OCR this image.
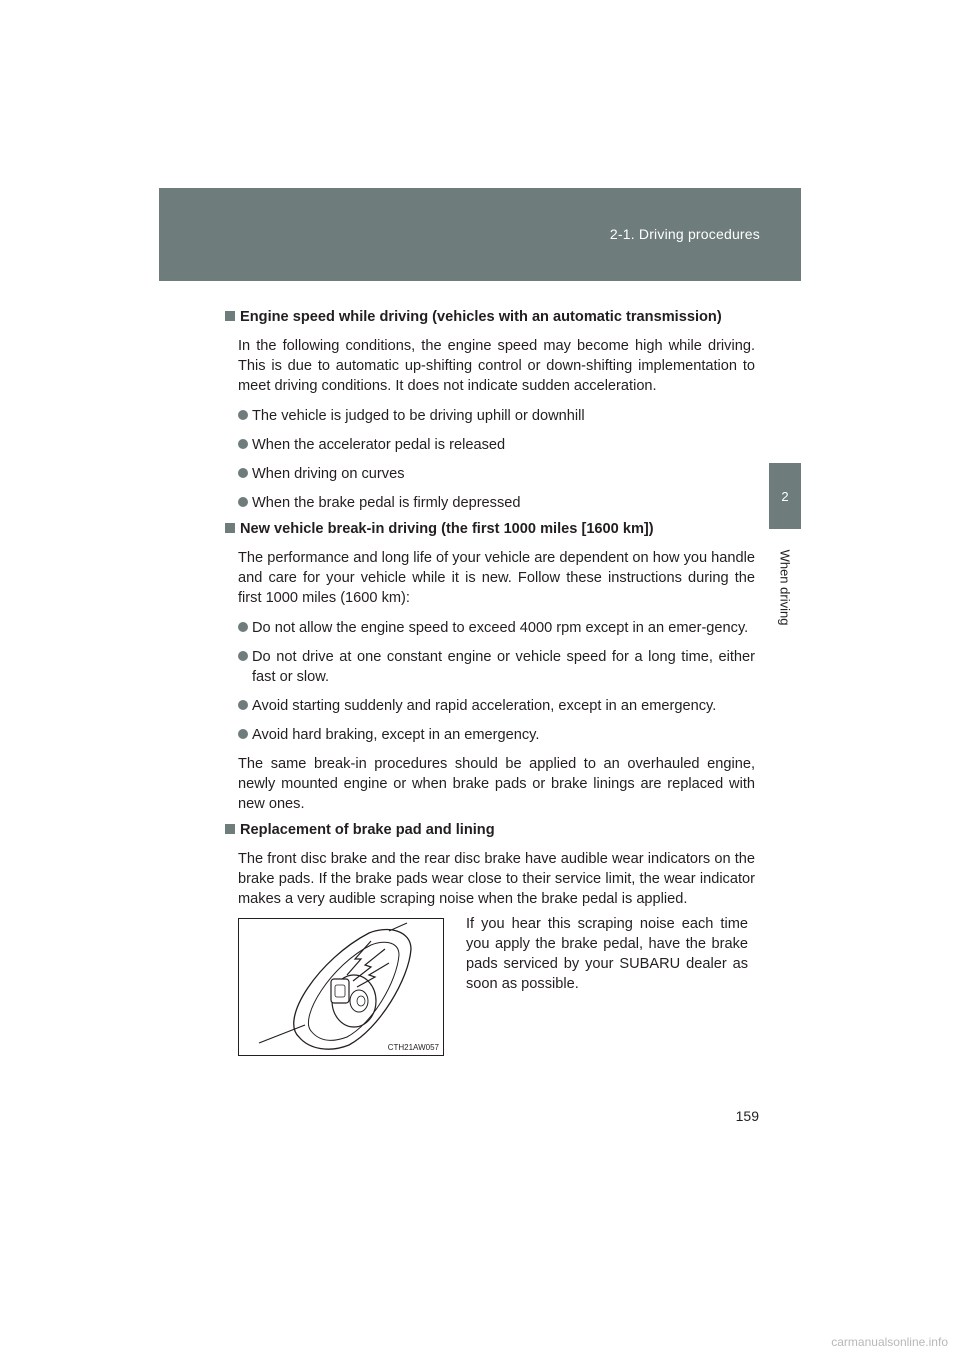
2-1. Driving procedures
2
When driving
Engine speed while driving (vehicles with an automatic transmission)
In the following conditions, the engine speed may become high while driving. This is due to automatic up-shifting control or down-shifting implementation to meet driving conditions. It does not indicate sudden acceleration.
The vehicle is judged to be driving uphill or downhill
When the accelerator pedal is released
When driving on curves
When the brake pedal is firmly depressed
New vehicle break-in driving (the first 1000 miles [1600 km])
The performance and long life of your vehicle are dependent on how you handle and care for your vehicle while it is new. Follow these instructions during the first 1000 miles (1600 km):
Do not allow the engine speed to exceed 4000 rpm except in an emer-gency.
Do not drive at one constant engine or vehicle speed for a long time, either fast or slow.
Avoid starting suddenly and rapid acceleration, except in an emergency.
Avoid hard braking, except in an emergency.
The same break-in procedures should be applied to an overhauled engine, newly mounted engine or when brake pads or brake linings are replaced with new ones.
Replacement of brake pad and lining
The front disc brake and the rear disc brake have audible wear indicators on the brake pads. If the brake pads wear close to their service limit, the wear indicator makes a very audible scraping noise when the brake pedal is applied.
CTH21AW057
If you hear this scraping noise each time you apply the brake pedal, have the brake pads serviced by your SUBARU dealer as soon as possible.
159
carmanualsonline.info
